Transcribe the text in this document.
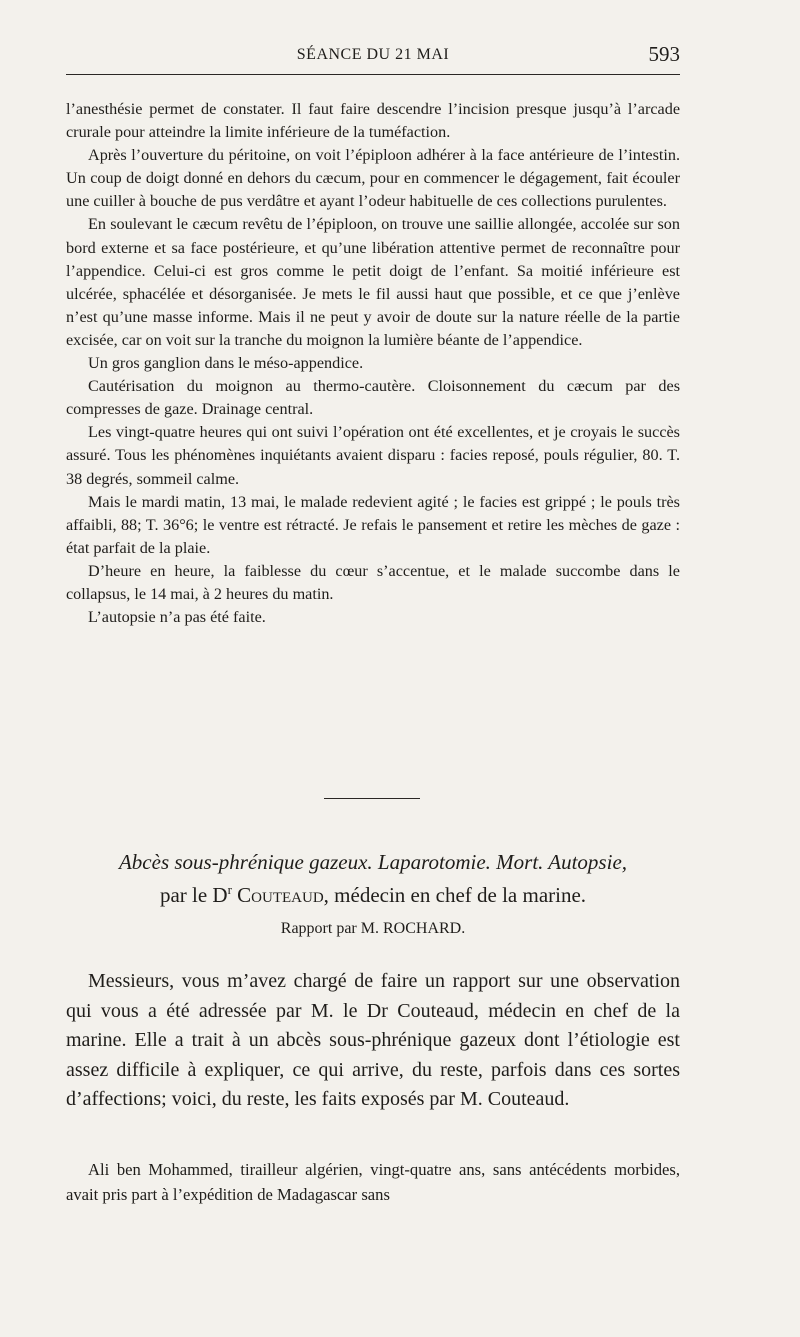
SÉANCE DU 21 MAI	593

l’anesthésie permet de constater. Il faut faire descendre l’incision presque jusqu’à l’arcade crurale pour atteindre la limite inférieure de la tuméfaction.

Après l’ouverture du péritoine, on voit l’épiploon adhérer à la face antérieure de l’intestin. Un coup de doigt donné en dehors du cæcum, pour en commencer le dégagement, fait écouler une cuiller à bouche de pus verdâtre et ayant l’odeur habituelle de ces collections purulentes.

En soulevant le cæcum revêtu de l’épiploon, on trouve une saillie allongée, accolée sur son bord externe et sa face postérieure, et qu’une libération attentive permet de reconnaître pour l’appendice. Celui-ci est gros comme le petit doigt de l’enfant. Sa moitié inférieure est ulcérée, sphacélée et désorganisée. Je mets le fil aussi haut que possible, et ce que j’enlève n’est qu’une masse informe. Mais il ne peut y avoir de doute sur la nature réelle de la partie excisée, car on voit sur la tranche du moignon la lumière béante de l’appendice.

Un gros ganglion dans le méso-appendice.

Cautérisation du moignon au thermo-cautère. Cloisonnement du cæcum par des compresses de gaze. Drainage central.

Les vingt-quatre heures qui ont suivi l’opération ont été excellentes, et je croyais le succès assuré. Tous les phénomènes inquiétants avaient disparu : facies reposé, pouls régulier, 80. T. 38 degrés, sommeil calme.

Mais le mardi matin, 13 mai, le malade redevient agité ; le facies est grippé ; le pouls très affaibli, 88; T. 36°6; le ventre est rétracté. Je refais le pansement et retire les mèches de gaze : état parfait de la plaie.

D’heure en heure, la faiblesse du cœur s’accentue, et le malade succombe dans le collapsus, le 14 mai, à 2 heures du matin.

L’autopsie n’a pas été faite.

Abcès sous-phrénique gazeux. Laparotomie. Mort. Autopsie,
par le $D^r$ Couteaud, médecin en chef de la marine.
Rapport par M. ROCHARD.

Messieurs, vous m’avez chargé de faire un rapport sur une observation qui vous a été adressée par M. le Dr Couteaud, médecin en chef de la marine. Elle a trait à un abcès sous-phrénique gazeux dont l’étiologie est assez difficile à expliquer, ce qui arrive, du reste, parfois dans ces sortes d’affections; voici, du reste, les faits exposés par M. Couteaud.

Ali ben Mohammed, tirailleur algérien, vingt-quatre ans, sans antécédents morbides, avait pris part à l’expédition de Madagascar sans
